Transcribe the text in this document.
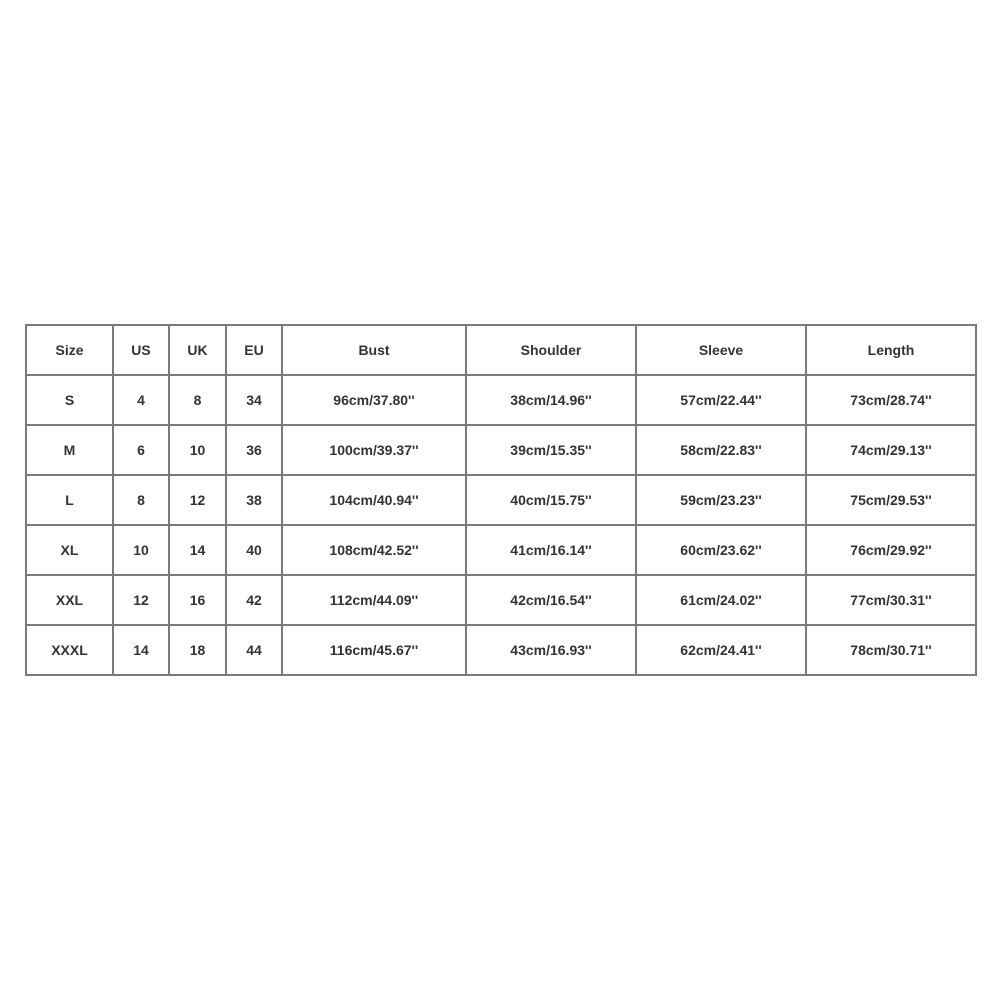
Size	US	UK	EU	Bust	Shoulder	Sleeve	Length
S	4	8	34	96cm/37.80''	38cm/14.96''	57cm/22.44''	73cm/28.74''
M	6	10	36	100cm/39.37''	39cm/15.35''	58cm/22.83''	74cm/29.13''
L	8	12	38	104cm/40.94''	40cm/15.75''	59cm/23.23''	75cm/29.53''
XL	10	14	40	108cm/42.52''	41cm/16.14''	60cm/23.62''	76cm/29.92''
XXL	12	16	42	112cm/44.09''	42cm/16.54''	61cm/24.02''	77cm/30.31''
XXXL	14	18	44	116cm/45.67''	43cm/16.93''	62cm/24.41''	78cm/30.71''
